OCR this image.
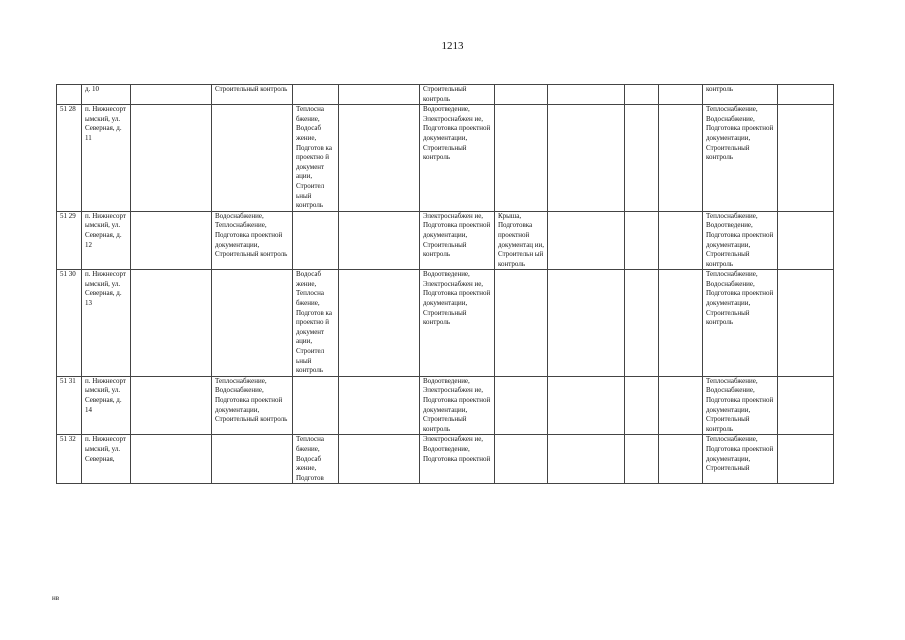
1213
	д. 10		Строительный контроль			Строительный контроль					контроль	
51 28	п. Нижнесорт ымский, ул. Северная, д. 11			Теплосна бжение, Водосаб жение, Подготов ка проектно й документ ации, Строител ьный контроль		Водоотведение, Электроснабжен ие, Подготовка проектной документации, Строительный контроль					Теплоснабжение, Водоснабжение, Подготовка проектной документации, Строительный контроль	
51 29	п. Нижнесорт ымский, ул. Северная, д. 12		Водоснабжение, Теплоснабжение, Подготовка проектной документации, Строительный контроль			Электроснабжен ие, Подготовка проектной документации, Строительный контроль	Крыша, Подготовка проектной документац ии, Строительн ый контроль				Теплоснабжение, Водоотведение, Подготовка проектной документации, Строительный контроль	
51 30	п. Нижнесорт ымский, ул. Северная, д. 13			Водосаб жение, Теплосна бжение, Подготов ка проектно й документ ации, Строител ьный контроль		Водоотведение, Электроснабжен ие, Подготовка проектной документации, Строительный контроль					Теплоснабжение, Водоснабжение, Подготовка проектной документации, Строительный контроль	
51 31	п. Нижнесорт ымский, ул. Северная, д. 14		Теплоснабжение, Водоснабжение, Подготовка проектной документации, Строительный контроль			Водоотведение, Электроснабжен ие, Подготовка проектной документации, Строительный контроль					Теплоснабжение, Водоснабжение, Подготовка проектной документации, Строительный контроль	
51 32	п. Нижнесорт ымский, ул. Северная,			Теплосна бжение, Водосаб жение, Подготов		Электроснабжен ие, Водоотведение, Подготовка проектной					Теплоснабжение, Подготовка проектной документации, Строительный	
нв
